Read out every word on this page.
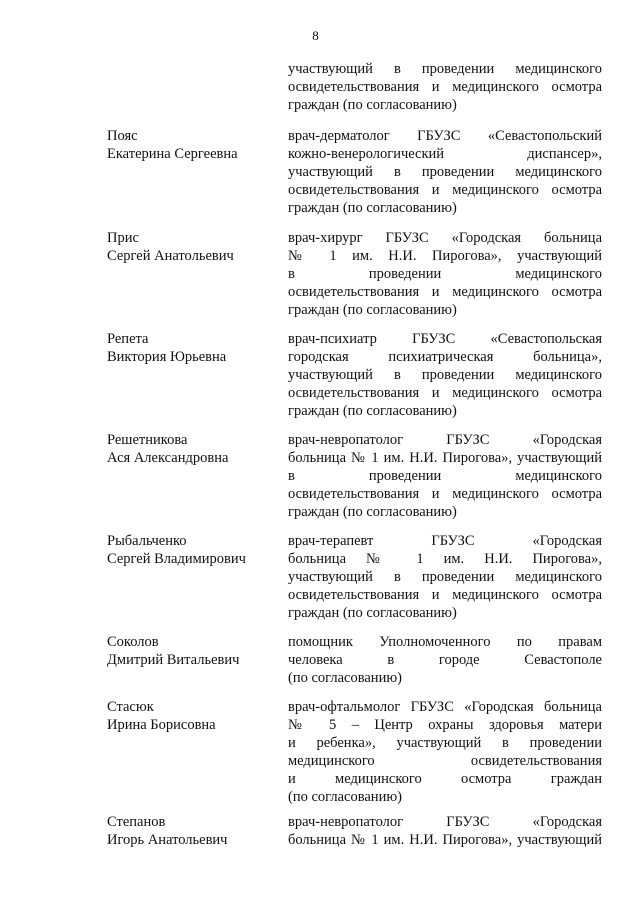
8
участвующий в проведении медицинского
освидетельствования и медицинского осмотра
граждан (по согласованию)
Пояс
Екатерина Сергеевна
врач-дерматолог ГБУЗС «Севастопольский
кожно-венерологический диспансер»,
участвующий в проведении медицинского
освидетельствования и медицинского осмотра
граждан (по согласованию)
Прис
Сергей Анатольевич
врач-хирург ГБУЗС «Городская больница
№ 1 им. Н.И. Пирогова», участвующий
в проведении медицинского
освидетельствования и медицинского осмотра
граждан (по согласованию)
Репета
Виктория Юрьевна
врач-психиатр ГБУЗС «Севастопольская
городская психиатрическая больница»,
участвующий в проведении медицинского
освидетельствования и медицинского осмотра
граждан (по согласованию)
Решетникова
Ася Александровна
врач-невропатолог ГБУЗС «Городская
больница № 1 им. Н.И. Пирогова», участвующий
в проведении медицинского
освидетельствования и медицинского осмотра
граждан (по согласованию)
Рыбальченко
Сергей Владимирович
врач-терапевт ГБУЗС «Городская
больница № 1 им. Н.И. Пирогова»,
участвующий в проведении медицинского
освидетельствования и медицинского осмотра
граждан (по согласованию)
Соколов
Дмитрий Витальевич
помощник Уполномоченного по правам
человека в городе Севастополе
(по согласованию)
Стасюк
Ирина Борисовна
врач-офтальмолог ГБУЗС «Городская больница
№ 5 – Центр охраны здоровья матери
и ребенка», участвующий в проведении
медицинского освидетельствования
и медицинского осмотра граждан
(по согласованию)
Степанов
Игорь Анатольевич
врач-невропатолог ГБУЗС «Городская
больница № 1 им. Н.И. Пирогова», участвующий
